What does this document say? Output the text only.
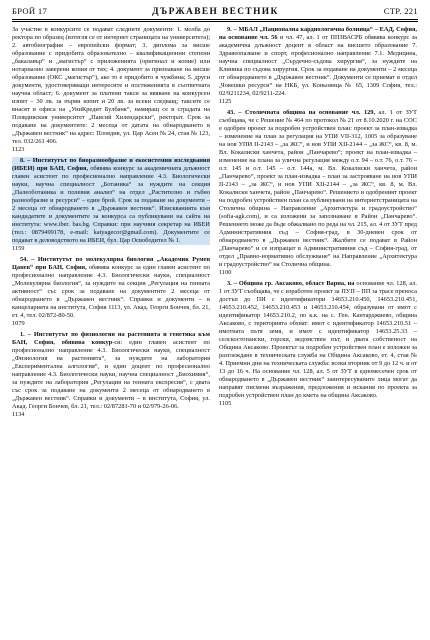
БРОЙ 17	ДЪРЖАВЕН ВЕСТНИК	СТР. 221

За участие в конкурсите се подават следните документи: 1. молба до ректора по образец (изтегля се от интернет страницата на университета); 2. автобиография – европейски формат; 3. диплома за висше образование с придобита образователно – квалификационни степени „бакалавър“ и „магистър“ с приложенията (оригинал и копие) или нотариално заверени копия от тях; 4. документ за признаване на висше образование (ОКС „магистър“), ако то е придобито в чужбина; 5. други документи, удостоверяващи интересите и постиженията в съответната научна област; 6. документ за платени такси за явяване на конкурсен изпит – 30 лв. за първи изпит и 20 лв. за всеки следващ; таксите се внасят в офиса на „УниКредит Булбанк“, намиращ се в сградата на Пловдивския университет „Паисий Хилендарски“, ректорат. Срок за подаване на документите: 2 месеца от датата на обнародването в „Държавен вестник“ на адрес: Пловдив, ул. Цар Асен № 24, стая № 123, тел. 032/261 406.

1123

8. – Институтът по биоразнообразие и екосистемни изследвания (ИБЕИ) при БАН, София, обявява конкурс за академичната длъжност главен асистент по професионално направление 4.3. Биологически науки, научна специалност „Ботаника“ за нуждите на секция „Палеоботаника и полевия анализ“ на отдел „Растително и гъбно разнообразие и ресурси“ – един брой. Срок за подаване на документи – 2 месеца от обнародването в „Държавен вестник“. Изискванията към кандидатите и документите за конкурса са публикувани на сайта на института: www.iber. bas.bg. Справки: при научния секретар на ИБЕИ (тел.: 0879499178, e-mail: katyagecor@gmail.com). Документите се подават в деловодството на ИБЕИ, бул. Цар Освободител № 1.

1159

54. – Институтът по молекулярна биология „Академик Румен Цанев“ при БАН, София, обявява конкурс за един главен асистент по професионално направление 4.3. Биологически науки, специалност „Молекулярна биология“, за нуждите на секция „Регулация на генната активност“ със срок за подаване на документите 2 месеца от обнародването в „Държавен вестник“. Справки и документи – в канцеларията на института, София 1113, ул. Акад. Георги Бончев, бл. 21, ет. 4, тел. 02/872-80-50.

1079

1. – Институтът по физиология на растенията и генетика към БАН, София, обявява конкур-си: един главен асистент по професионално направление 4.3. Биологически науки, специалност „Физиология на растенията“, за нуждите на лаборатория „Експериментална алгология“, и един доцент по професионално направление 4.3. Биологически науки, научна специалност „Биохимия“, за нуждите на лаборатория „Регулация на генната експресия“, с двата със срок за подаване на документи 2 месеца от обнародването в „Държавен вестник“. Справки и документи – в института, София, ул. Акад. Георги Бончев, бл. 21, тел.: 02/87281-70 и 02/979-26-06.

1134

9. – МБАЛ „Национална кардиологична болница“ – ЕАД, София, на основание чл. 56 и чл. 47, ал. 1 от ППЗВАСРБ обявява конкурс за академична длъжност доцент в област на висшето образование 7. Здравеопазване и спорт, професионално направление 7.1. Медицина, научна специалност „Сърдечно-съдова хирургия“, за нуждите на Клиника по съдова хирургия. Срок за подаване на документи – 2 месеца от обнародването в „Държавен вестник“. Документи се приемат в отдел „Човешки ресурси“ на НКБ, ул. Коньовица № 65, 1309 София, тел.: 02/9211234, 02/9211-224.

1125

43. – Столичната община на основание чл. 129, ал. 1 от ЗУТ съобщава, че с Решение № 464 по протокол № 21 от 8.10.2020 г. на СОС е одобрен проект за подробен устройствен план: проект за план-извадка – изменение на план за регулация на УПИ VII-312, 1005 за образуване на нов УПИ II-2143 – „за ЖС“, и нов УПИ XII-2144 – „за ЖС“, кв. 8, м. Вл. Кокалиски ханчета, район „Панчарево“; проект на план-извадка – изменение на плана за улична регулация между о.т. 94 – о.т. 76, о.т. 76 – о.т. 145 и о.т. 145 – о.т. 144а, м. Вл. Кокалиски ханчета, район „Панчарево“, проект за план-извадка – план за застрояване на нов УПИ II-2143 – „за ЖС“, и нов УПИ XII-2144 – „за ЖС“, кв. 8, м. Вл. Кокалиски ханчета, район „Панчарево“. Решението и одобреният проект на подробен устройствен план са публикувани на интернетстраницата на Столична община – Направление „Архитектура и градоустройство“ (sofia-agk.com), и са изложени за запознаване в Район „Панчарево“. Решението може да бъде обжалвано по реда на чл. 215, ал. 4 от ЗУТ пред Административния съд – София-град, в 30-дневен срок от обнародването в „Държавен вестник“. Жалбите се подават в Район „Панчарево“ и се изпращат в Административния съд – София-град, от отдел „Правно-нормативно обслужване“ на Направление „Архитектура и градоустройство“ на Столична община.

1100

3. – Община гр. Аксаково, област Варна, на основание чл. 128, ал. 1 от ЗУТ съобщава, че с изработен проект за ПУП – ПП за трасе преноса достъп до ПИ с идентификатори 14653.210.450, 14653.210.451, 14653.210.452, 14653.210.453 и 14653.210.454, образувани от имот с идентификатор 14653.210.2, по к.к. на с. Ген. Кантарджиево, община Аксаково, с територията обхват: имот с идентификатор 14653.210.51 – имотната пътя земя, и имот с идентификатор 14653.25.33 – селскостопански, горски, ведомствен път, и двата собственост на Община Аксаково. Проектът за подробен устройствен план е изложен за разглеждане в техническата служба на Община Аксаково, ет. 4, стая № 4. Приемни дни на техническата служба: всеки вторник от 9 до 12 ч. и от 13 до 16 ч. На основание чл. 128, ал. 5 от ЗУТ в едномесечен срок от обнародването в „Държавен вестник“ заинтересуваните лица могат да направят писмени възражения, предложения и искания по проекта за подробен устройствен план до кмета на община Аксаково.

1105
